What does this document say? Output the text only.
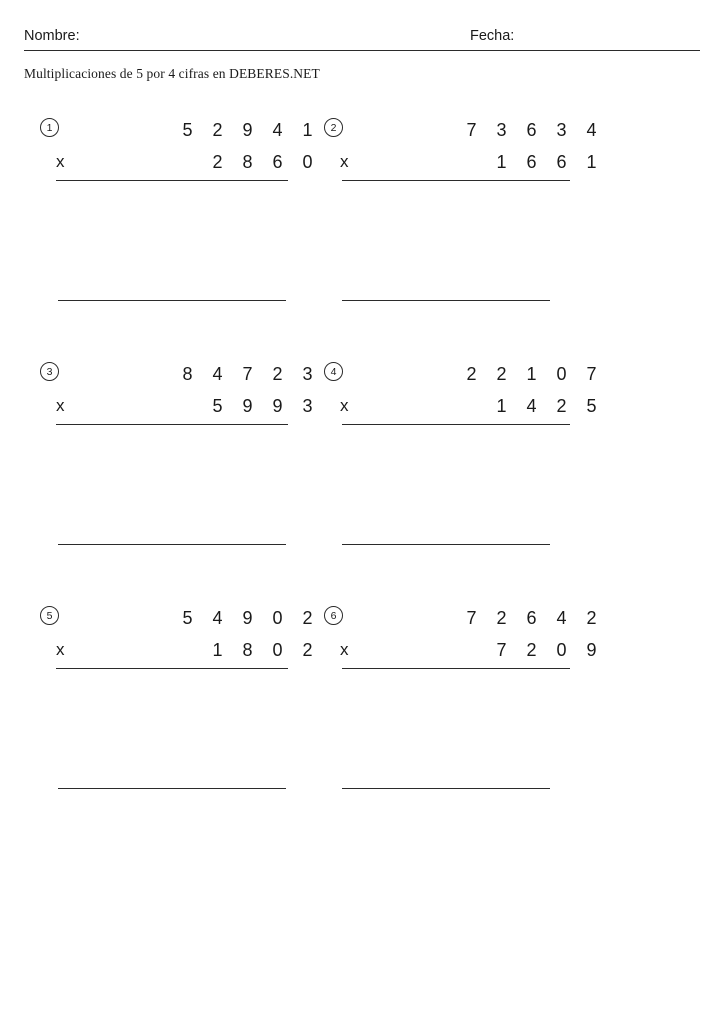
Nombre:	Fecha:
Multiplicaciones de 5 por 4 cifras en DEBERES.NET
1	5 2 9 4 1
x	2 8 6 0
2	7 3 6 3 4
x	1 6 6 1
3	8 4 7 2 3
x	5 9 9 3
4	2 2 1 0 7
x	1 4 2 5
5	5 4 9 0 2
x	1 8 0 2
6	7 2 6 4 2
x	7 2 0 9
